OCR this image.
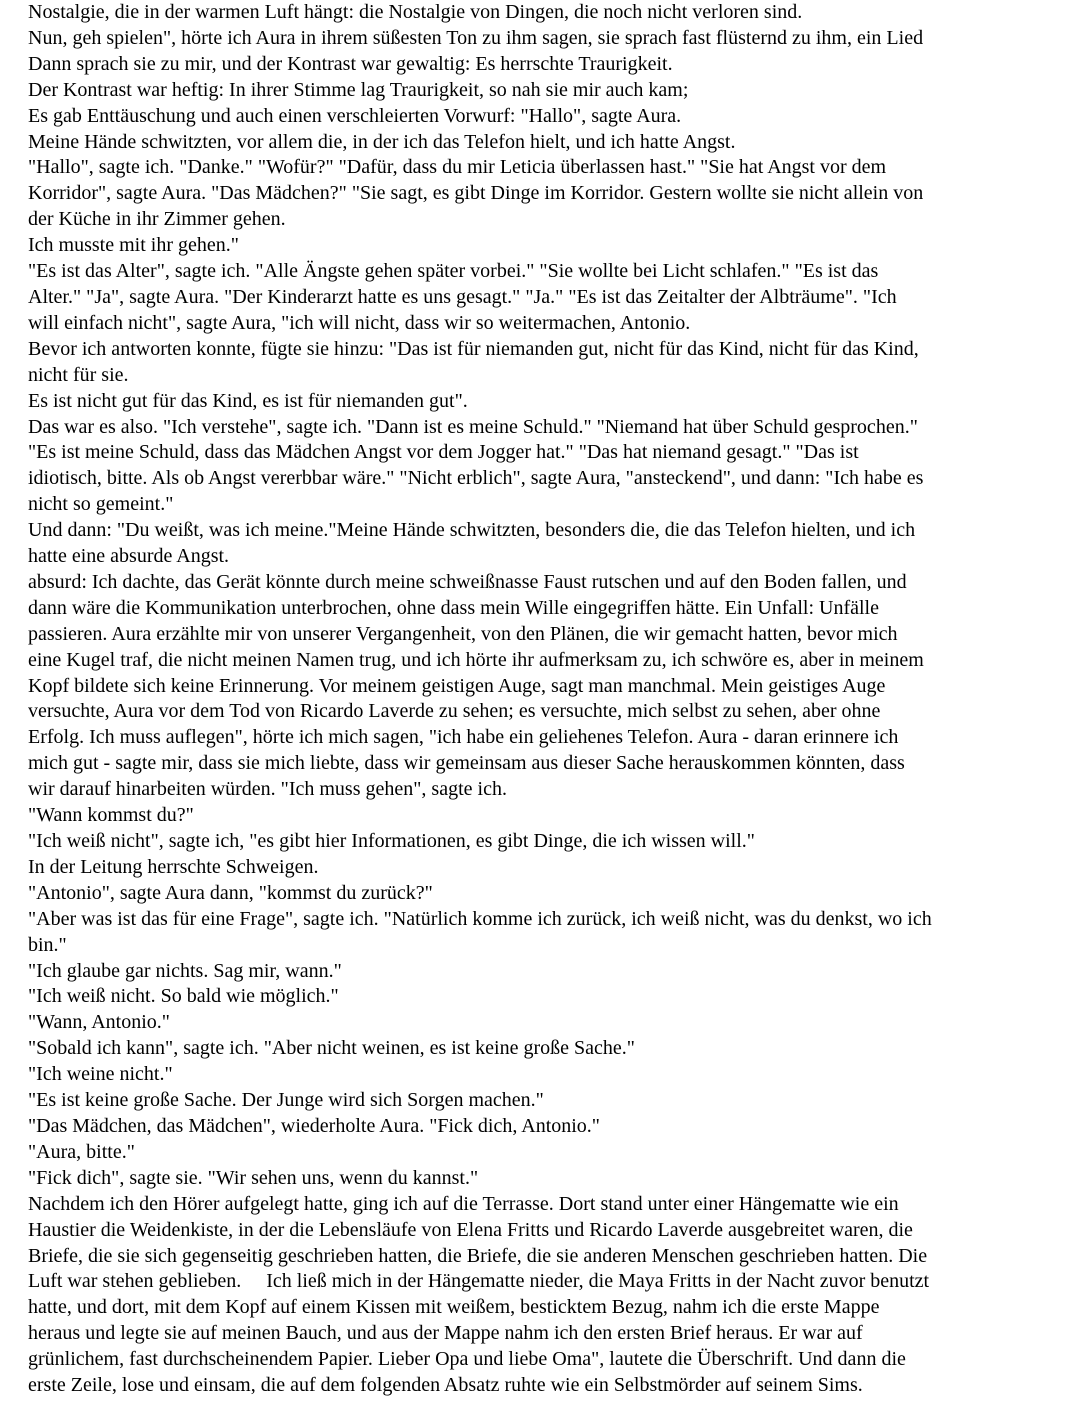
Nostalgie, die in der warmen Luft hängt: die Nostalgie von Dingen, die noch nicht verloren sind.
Nun, geh spielen", hörte ich Aura in ihrem süßesten Ton zu ihm sagen, sie sprach fast flüsternd zu ihm, ein Lied
Dann sprach sie zu mir, und der Kontrast war gewaltig: Es herrschte Traurigkeit.
Der Kontrast war heftig: In ihrer Stimme lag Traurigkeit, so nah sie mir auch kam;
Es gab Enttäuschung und auch einen verschleierten Vorwurf: "Hallo", sagte Aura.
Meine Hände schwitzten, vor allem die, in der ich das Telefon hielt, und ich hatte Angst.
"Hallo", sagte ich. "Danke." "Wofür?" "Dafür, dass du mir Leticia überlassen hast." "Sie hat Angst vor dem
Korridor", sagte Aura. "Das Mädchen?" "Sie sagt, es gibt Dinge im Korridor. Gestern wollte sie nicht allein von
der Küche in ihr Zimmer gehen.
Ich musste mit ihr gehen."
"Es ist das Alter", sagte ich. "Alle Ängste gehen später vorbei." "Sie wollte bei Licht schlafen." "Es ist das
Alter." "Ja", sagte Aura. "Der Kinderarzt hatte es uns gesagt." "Ja." "Es ist das Zeitalter der Albträume". "Ich
will einfach nicht", sagte Aura, "ich will nicht, dass wir so weitermachen, Antonio.
Bevor ich antworten konnte, fügte sie hinzu: "Das ist für niemanden gut, nicht für das Kind, nicht für das Kind,
nicht für sie.
Es ist nicht gut für das Kind, es ist für niemanden gut".
Das war es also. "Ich verstehe", sagte ich. "Dann ist es meine Schuld." "Niemand hat über Schuld gesprochen."
"Es ist meine Schuld, dass das Mädchen Angst vor dem Jogger hat." "Das hat niemand gesagt." "Das ist
idiotisch, bitte. Als ob Angst vererbbar wäre." "Nicht erblich", sagte Aura, "ansteckend", und dann: "Ich habe es
nicht so gemeint."
Und dann: "Du weißt, was ich meine."Meine Hände schwitzten, besonders die, die das Telefon hielten, und ich
hatte eine absurde Angst.
absurd: Ich dachte, das Gerät könnte durch meine schweißnasse Faust rutschen und auf den Boden fallen, und
dann wäre die Kommunikation unterbrochen, ohne dass mein Wille eingegriffen hätte. Ein Unfall: Unfälle
passieren. Aura erzählte mir von unserer Vergangenheit, von den Plänen, die wir gemacht hatten, bevor mich
eine Kugel traf, die nicht meinen Namen trug, und ich hörte ihr aufmerksam zu, ich schwöre es, aber in meinem
Kopf bildete sich keine Erinnerung. Vor meinem geistigen Auge, sagt man manchmal. Mein geistiges Auge
versuchte, Aura vor dem Tod von Ricardo Laverde zu sehen; es versuchte, mich selbst zu sehen, aber ohne
Erfolg. Ich muss auflegen", hörte ich mich sagen, "ich habe ein geliehenes Telefon. Aura - daran erinnere ich
mich gut - sagte mir, dass sie mich liebte, dass wir gemeinsam aus dieser Sache herauskommen könnten, dass
wir darauf hinarbeiten würden. "Ich muss gehen", sagte ich.
"Wann kommst du?"
"Ich weiß nicht", sagte ich, "es gibt hier Informationen, es gibt Dinge, die ich wissen will."
In der Leitung herrschte Schweigen.
"Antonio", sagte Aura dann, "kommst du zurück?"
"Aber was ist das für eine Frage", sagte ich. "Natürlich komme ich zurück, ich weiß nicht, was du denkst, wo ich
bin."
"Ich glaube gar nichts. Sag mir, wann."
"Ich weiß nicht. So bald wie möglich."
"Wann, Antonio."
"Sobald ich kann", sagte ich. "Aber nicht weinen, es ist keine große Sache."
"Ich weine nicht."
"Es ist keine große Sache. Der Junge wird sich Sorgen machen."
"Das Mädchen, das Mädchen", wiederholte Aura. "Fick dich, Antonio."
"Aura, bitte."
"Fick dich", sagte sie. "Wir sehen uns, wenn du kannst."
Nachdem ich den Hörer aufgelegt hatte, ging ich auf die Terrasse. Dort stand unter einer Hängematte wie ein
Haustier die Weidenkiste, in der die Lebensläufe von Elena Fritts und Ricardo Laverde ausgebreitet waren, die
Briefe, die sie sich gegenseitig geschrieben hatten, die Briefe, die sie anderen Menschen geschrieben hatten. Die
Luft war stehen geblieben.     Ich ließ mich in der Hängematte nieder, die Maya Fritts in der Nacht zuvor benutzt
hatte, und dort, mit dem Kopf auf einem Kissen mit weißem, besticktem Bezug, nahm ich die erste Mappe
heraus und legte sie auf meinen Bauch, und aus der Mappe nahm ich den ersten Brief heraus. Er war auf
grünlichem, fast durchscheinendem Papier. Lieber Opa und liebe Oma", lautete die Überschrift. Und dann die
erste Zeile, lose und einsam, die auf dem folgenden Absatz ruhte wie ein Selbstmörder auf seinem Sims.
